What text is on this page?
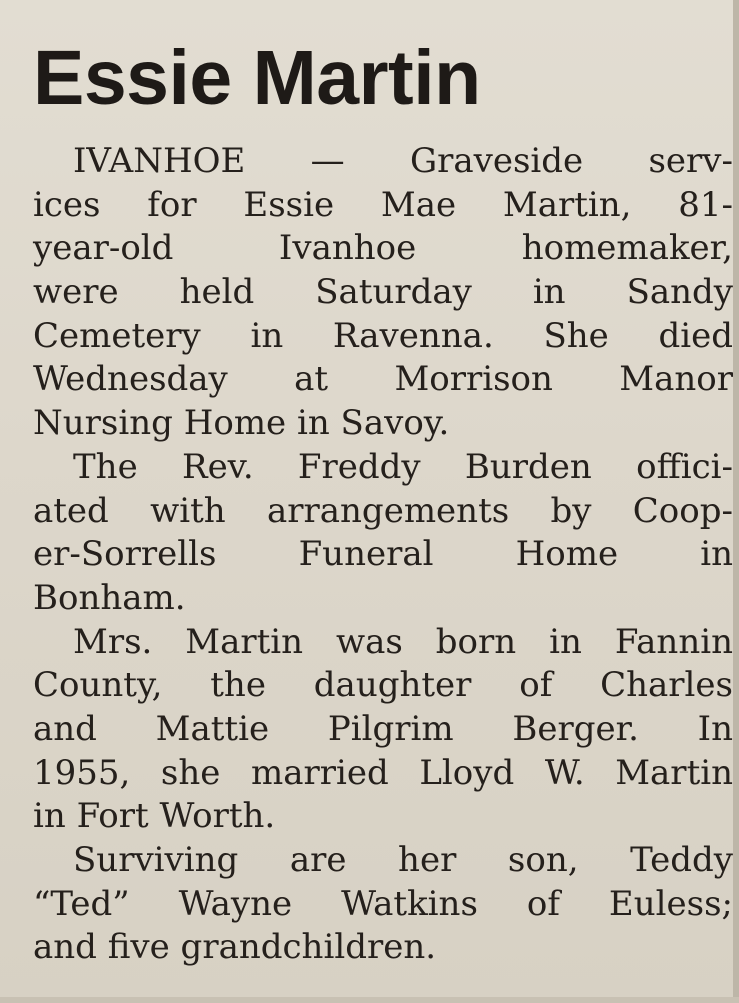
Essie Martin

IVANHOE — Graveside serv-
ices for Essie Mae Martin, 81-
year-old Ivanhoe homemaker,
were held Saturday in Sandy
Cemetery in Ravenna. She died
Wednesday at Morrison Manor
Nursing Home in Savoy.

The Rev. Freddy Burden offici-
ated with arrangements by Coop-
er-Sorrells Funeral Home in
Bonham.

Mrs. Martin was born in Fannin
County, the daughter of Charles
and Mattie Pilgrim Berger. In
1955, she married Lloyd W. Martin
in Fort Worth.

Surviving are her son, Teddy
“Ted” Wayne Watkins of Euless;
and five grandchildren.
